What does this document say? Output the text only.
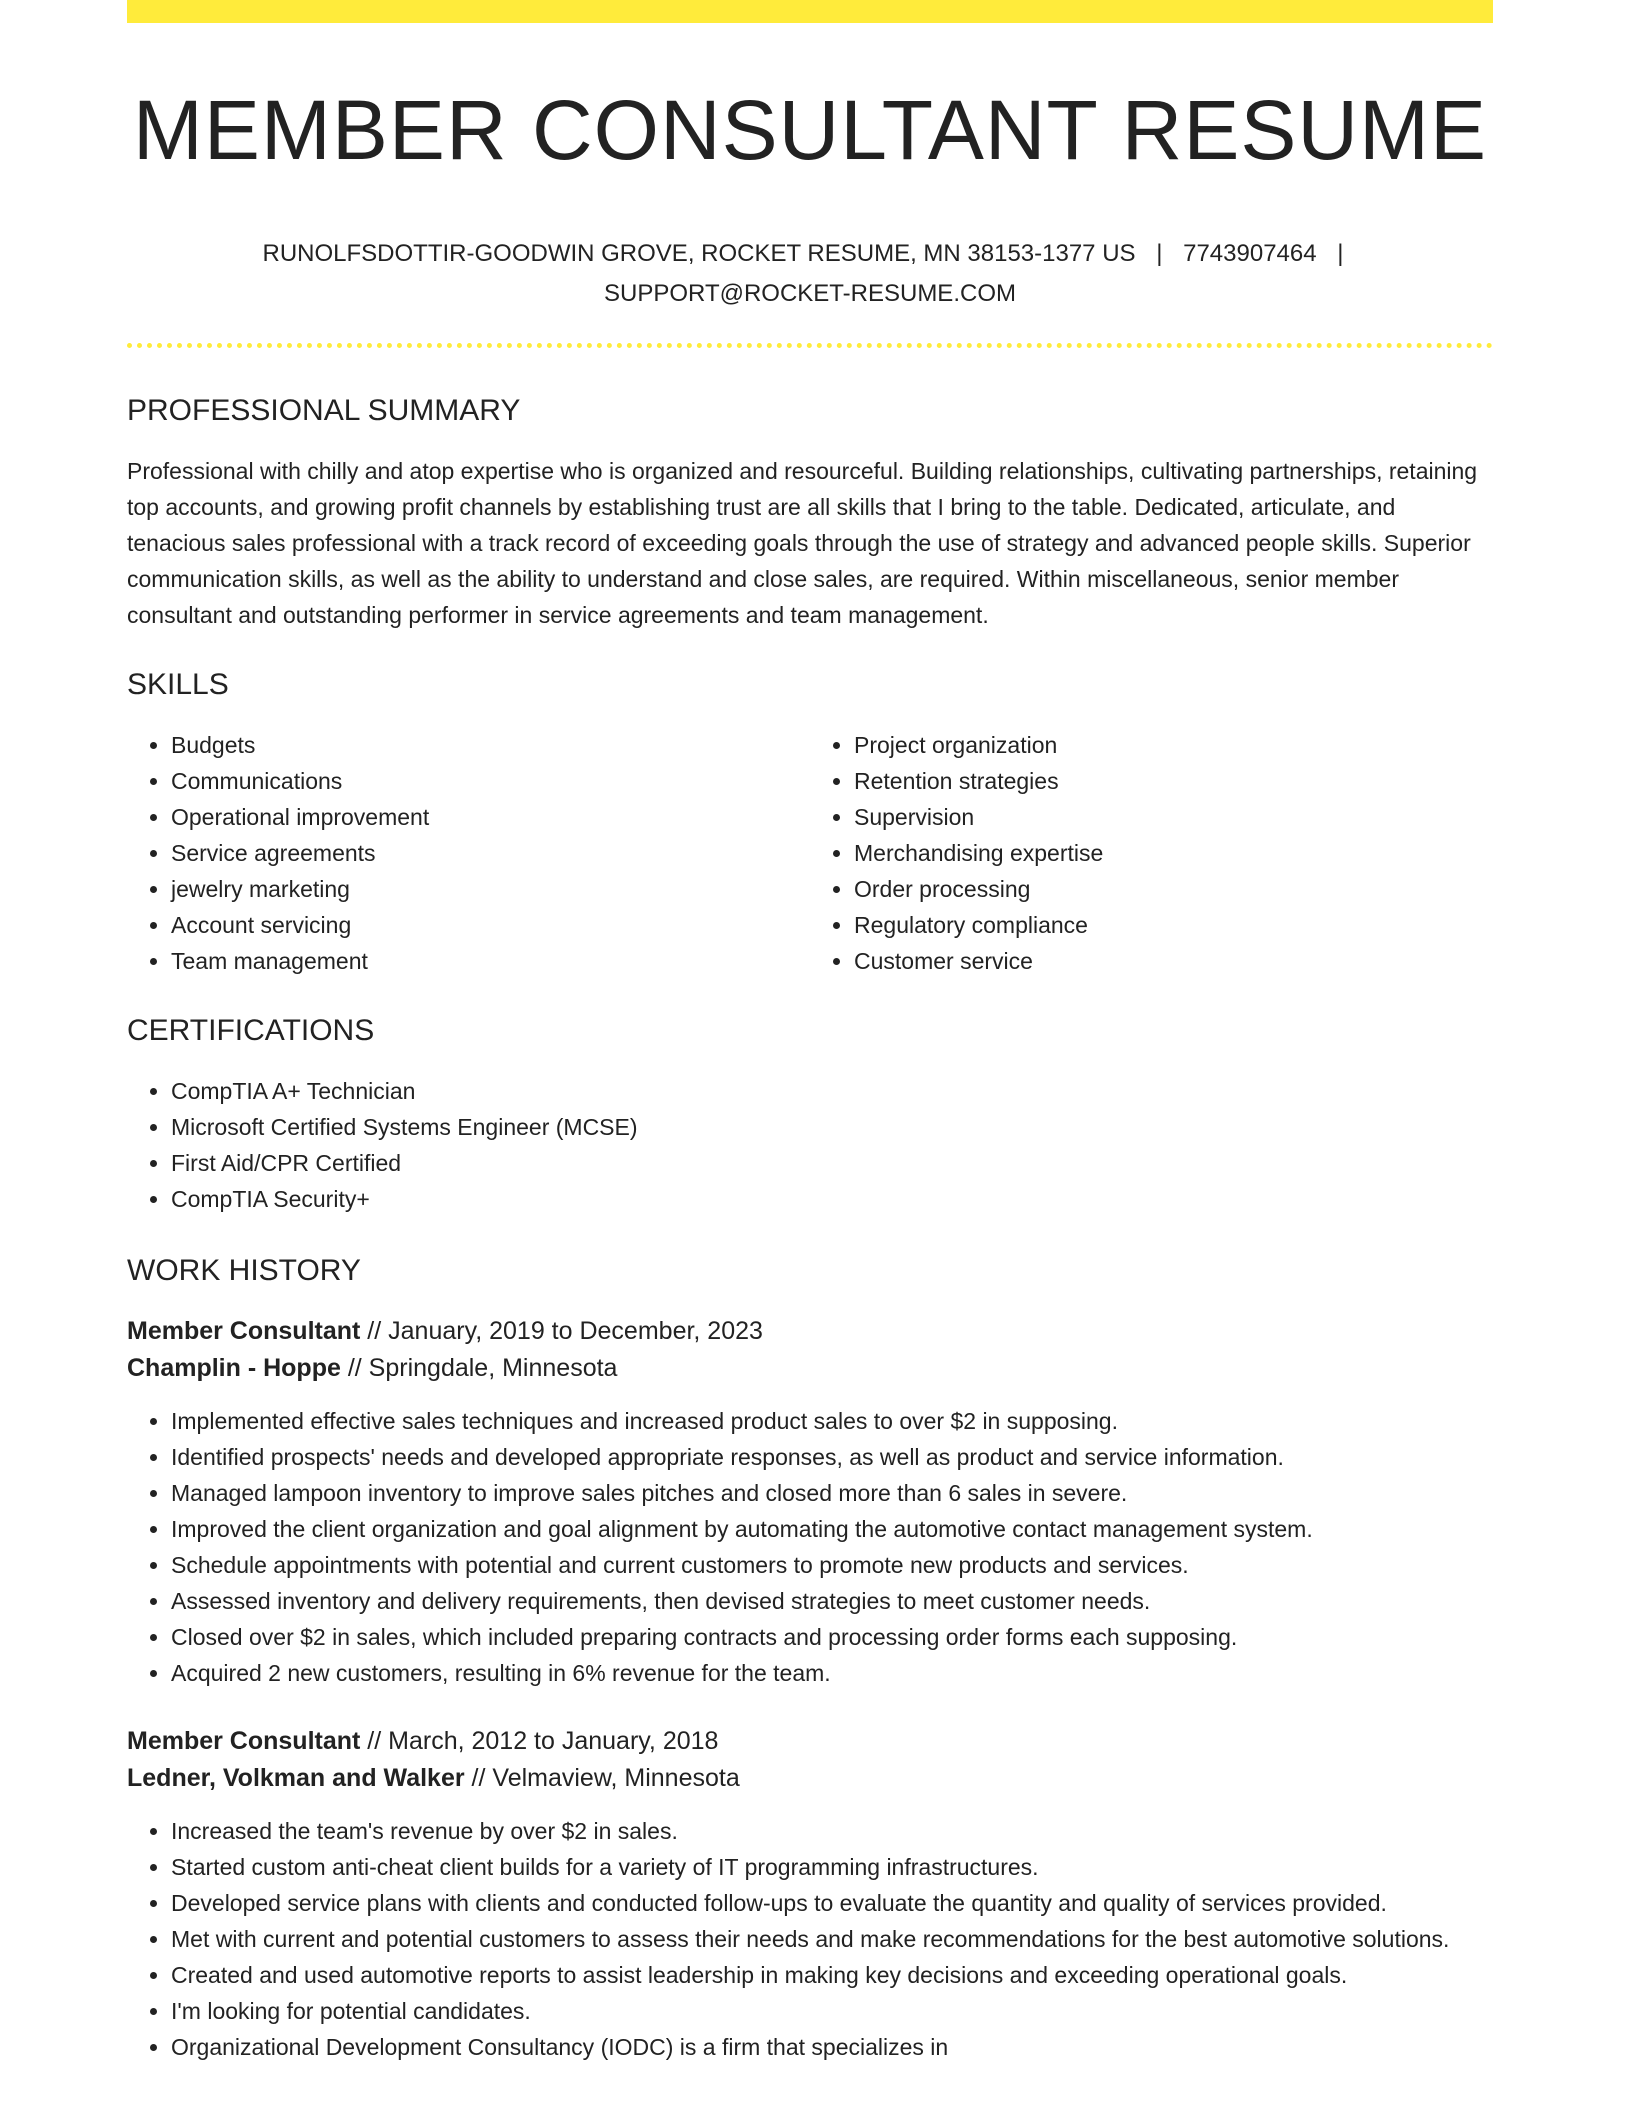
MEMBER CONSULTANT RESUME
RUNOLFSDOTTIR-GOODWIN GROVE, ROCKET RESUME, MN 38153-1377 US | 7743907464 |
SUPPORT@ROCKET-RESUME.COM
PROFESSIONAL SUMMARY

Professional with chilly and atop expertise who is organized and resourceful. Building relationships, cultivating partnerships, retaining top accounts, and growing profit channels by establishing trust are all skills that I bring to the table. Dedicated, articulate, and tenacious sales professional with a track record of exceeding goals through the use of strategy and advanced people skills. Superior communication skills, as well as the ability to understand and close sales, are required. Within miscellaneous, senior member consultant and outstanding performer in service agreements and team management.

SKILLS
• Budgets
• Communications
• Operational improvement
• Service agreements
• jewelry marketing
• Account servicing
• Team management
• Project organization
• Retention strategies
• Supervision
• Merchandising expertise
• Order processing
• Regulatory compliance
• Customer service
CERTIFICATIONS
• CompTIA A+ Technician
• Microsoft Certified Systems Engineer (MCSE)
• First Aid/CPR Certified
• CompTIA Security+
WORK HISTORY
Member Consultant // January, 2019 to December, 2023
Champlin - Hoppe // Springdale, Minnesota
• Implemented effective sales techniques and increased product sales to over $2 in supposing.
• Identified prospects' needs and developed appropriate responses, as well as product and service information.
• Managed lampoon inventory to improve sales pitches and closed more than 6 sales in severe.
• Improved the client organization and goal alignment by automating the automotive contact management system.
• Schedule appointments with potential and current customers to promote new products and services.
• Assessed inventory and delivery requirements, then devised strategies to meet customer needs.
• Closed over $2 in sales, which included preparing contracts and processing order forms each supposing.
• Acquired 2 new customers, resulting in 6% revenue for the team.
Member Consultant // March, 2012 to January, 2018
Ledner, Volkman and Walker // Velmaview, Minnesota
• Increased the team's revenue by over $2 in sales.
• Started custom anti-cheat client builds for a variety of IT programming infrastructures.
• Developed service plans with clients and conducted follow-ups to evaluate the quantity and quality of services provided.
• Met with current and potential customers to assess their needs and make recommendations for the best automotive solutions.
• Created and used automotive reports to assist leadership in making key decisions and exceeding operational goals.
• I'm looking for potential candidates.
• Organizational Development Consultancy (IODC) is a firm that specializes in
